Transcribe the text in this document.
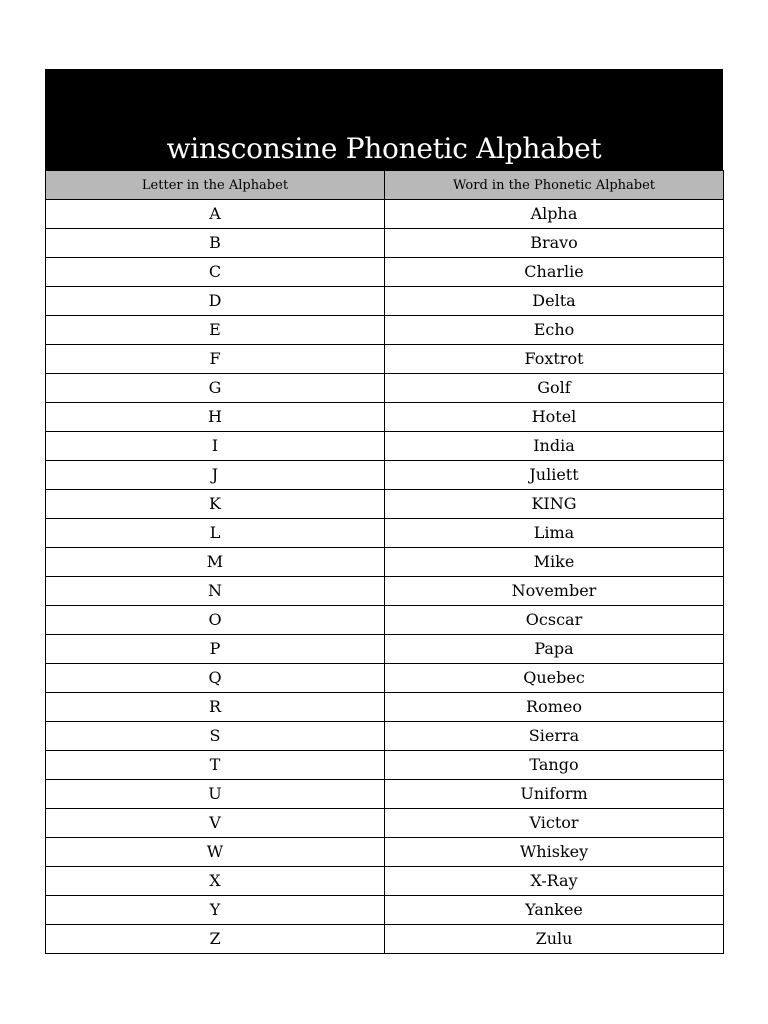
winsconsine Phonetic Alphabet
Letter in the Alphabet	Word in the Phonetic Alphabet
A	Alpha
B	Bravo
C	Charlie
D	Delta
E	Echo
F	Foxtrot
G	Golf
H	Hotel
I	India
J	Juliett
K	KING
L	Lima
M	Mike
N	November
O	Ocscar
P	Papa
Q	Quebec
R	Romeo
S	Sierra
T	Tango
U	Uniform
V	Victor
W	Whiskey
X	X-Ray
Y	Yankee
Z	Zulu
